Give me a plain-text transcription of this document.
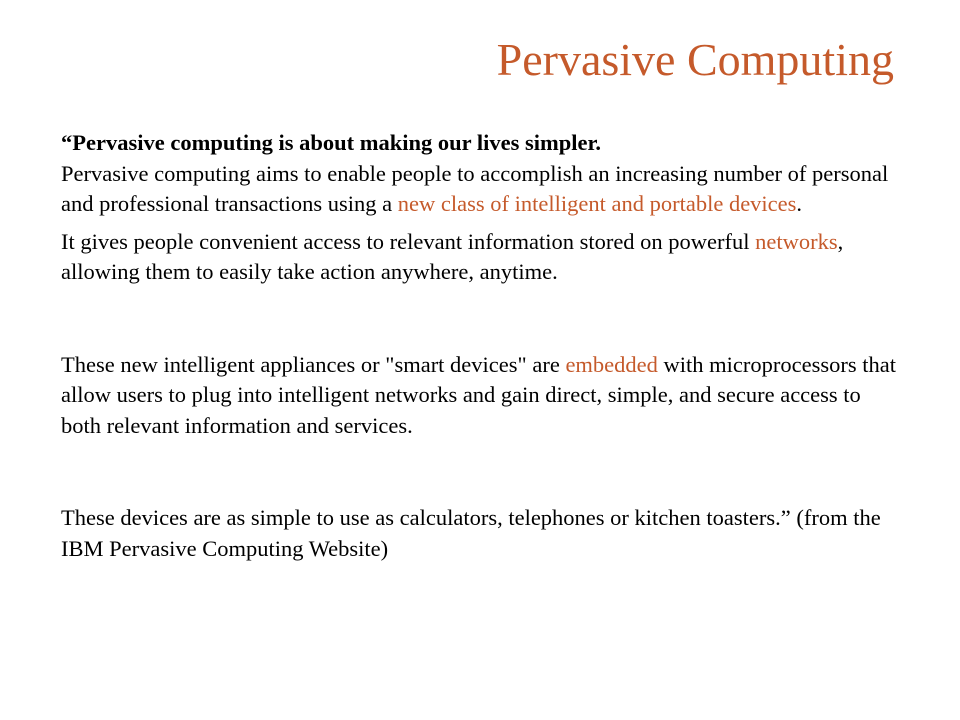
Pervasive Computing

“Pervasive computing is about making our lives simpler.
Pervasive computing aims to enable people to accomplish an increasing number of personal and professional transactions using a new class of intelligent and portable devices.

It gives people convenient access to relevant information stored on powerful networks, allowing them to easily take action anywhere, anytime.

These new intelligent appliances or "smart devices" are embedded with microprocessors that allow users to plug into intelligent networks and gain direct, simple, and secure access to both relevant information and services.

These devices are as simple to use as calculators, telephones or kitchen toasters.” (from the IBM Pervasive Computing Website)
